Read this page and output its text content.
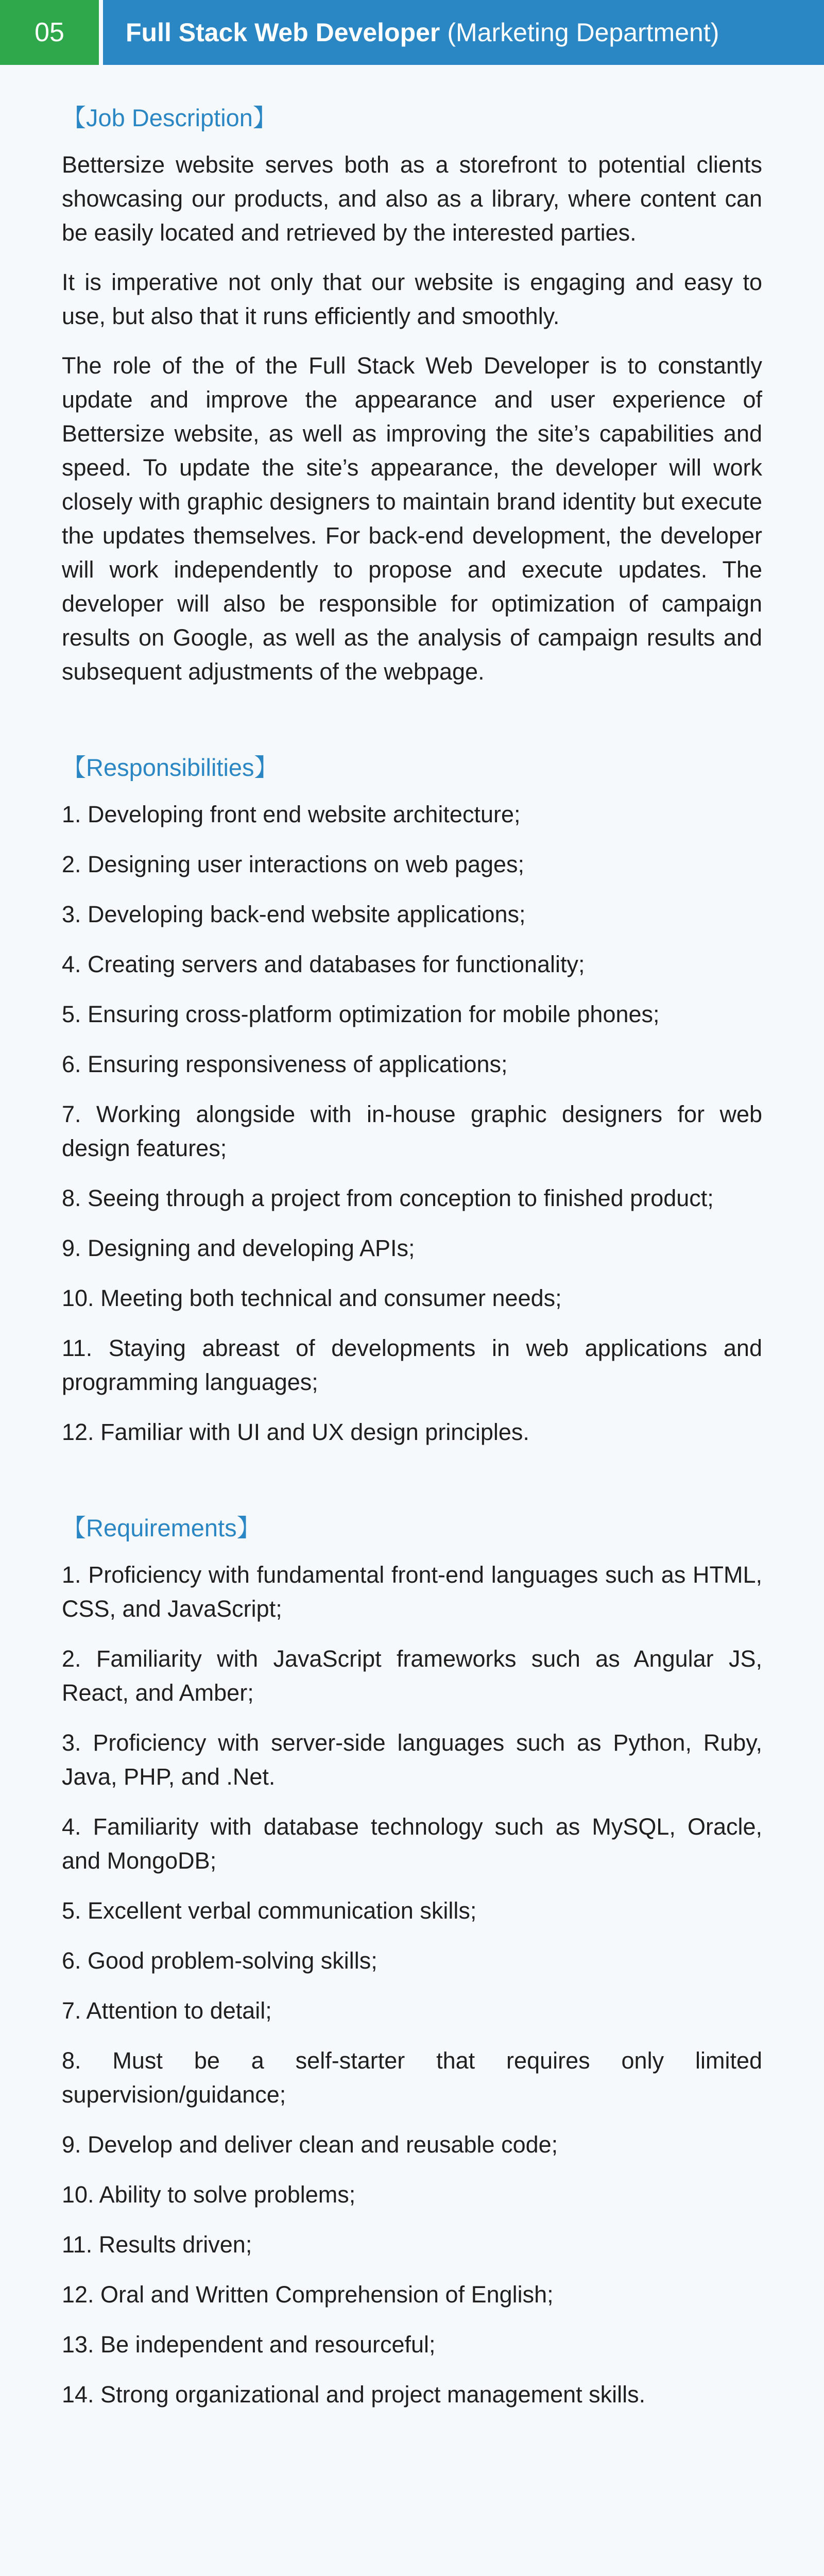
05	Full Stack Web Developer (Marketing Department)
【Job Description】

Bettersize website serves both as a storefront to potential clients showcasing our products, and also as a library, where content can be easily located and retrieved by the interested parties.

It is imperative not only that our website is engaging and easy to use, but also that it runs efficiently and smoothly.

The role of the of the Full Stack Web Developer is to constantly update and improve the appearance and user experience of Bettersize website, as well as improving the site’s capabilities and speed. To update the site’s appearance, the developer will work closely with graphic designers to maintain brand identity but execute the updates themselves. For back-end development, the developer will work independently to propose and execute updates. The developer will also be responsible for optimization of campaign results on Google, as well as the analysis of campaign results and subsequent adjustments of the webpage.

【Responsibilities】
1. Developing front end website architecture;
2. Designing user interactions on web pages;
3. Developing back-end website applications;
4. Creating servers and databases for functionality;
5. Ensuring cross-platform optimization for mobile phones;
6. Ensuring responsiveness of applications;
7. Working alongside with in-house graphic designers for web design features;
8. Seeing through a project from conception to finished product;
9. Designing and developing APIs;
10. Meeting both technical and consumer needs;
11. Staying abreast of developments in web applications and programming languages;
12. Familiar with UI and UX design principles.
【Requirements】
1. Proficiency with fundamental front-end languages such as HTML, CSS, and JavaScript;
2. Familiarity with JavaScript frameworks such as Angular JS, React, and Amber;
3. Proficiency with server-side languages such as Python, Ruby, Java, PHP, and .Net.
4. Familiarity with database technology such as MySQL, Oracle, and MongoDB;
5. Excellent verbal communication skills;
6. Good problem-solving skills;
7. Attention to detail;
8. Must be a self-starter that requires only limited supervision/guidance;
9. Develop and deliver clean and reusable code;
10. Ability to solve problems;
11. Results driven;
12. Oral and Written Comprehension of English;
13. Be independent and resourceful;
14. Strong organizational and project management skills.
